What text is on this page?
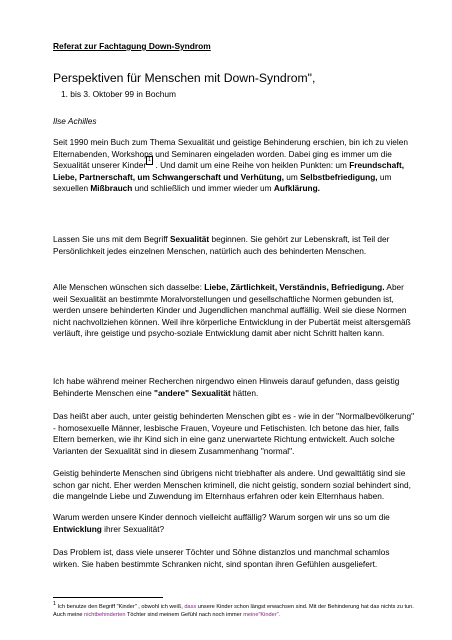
Referat zur Fachtagung Down-Syndrom

Perspektiven für Menschen mit Down-Syndrom",

1. bis 3. Oktober 99 in Bochum

Ilse Achilles

Seit 1990 mein Buch zum Thema Sexualität und geistige Behinderung erschien, bin ich zu vielen Elternabenden, Workshops und Seminaren eingeladen worden. Dabei ging es immer um die Sexualität unserer Kinder $^1$ . Und damit um eine Reihe von heiklen Punkten: um Freundschaft, Liebe, Partnerschaft, um Schwangerschaft und Verhütung, um Selbstbefriedigung, um sexuellen Mißbrauch und schließlich und immer wieder um Aufklärung.

Lassen Sie uns mit dem Begriff Sexualität beginnen. Sie gehört zur Lebenskraft, ist Teil der Persönlichkeit jedes einzelnen Menschen, natürlich auch des behinderten Menschen.

Alle Menschen wünschen sich dasselbe: Liebe, Zärtlichkeit, Verständnis, Befriedigung. Aber weil Sexualität an bestimmte Moralvorstellungen und gesellschaftliche Normen gebunden ist, werden unsere behinderten Kinder und Jugendlichen manchmal auffällig. Weil sie diese Normen nicht nachvollziehen können. Weil ihre körperliche Entwicklung in der Pubertät meist altersgemäß verläuft, ihre geistige und psycho-soziale Entwicklung damit aber nicht Schritt halten kann.

Ich habe während meiner Recherchen nirgendwo einen Hinweis darauf gefunden, dass geistig Behinderte Menschen eine "andere" Sexualität hätten.

Das heißt aber auch, unter geistig behinderten Menschen gibt es - wie in der "Normalbevölkerung" - homosexuelle Männer, lesbische Frauen, Voyeure und Fetischisten. Ich betone das hier, falls Eltern bemerken, wie ihr Kind sich in eine ganz unerwartete Richtung entwickelt. Auch solche Varianten der Sexualität sind in diesem Zusammenhang "normal".

Geistig behinderte Menschen sind übrigens nicht triebhafter als andere. Und gewalttätig sind sie schon gar nicht. Eher werden Menschen kriminell, die nicht geistig, sondern sozial behindert sind, die mangelnde Liebe und Zuwendung im Elternhaus erfahren oder kein Elternhaus haben.

Warum werden unsere Kinder dennoch vielleicht auffällig? Warum sorgen wir uns so um die Entwicklung ihrer Sexualität?

Das Problem ist, dass viele unserer Töchter und Söhne distanzlos und manchmal schamlos wirken. Sie haben bestimmte Schranken nicht, sind spontan ihren Gefühlen ausgeliefert.

$^1$ Ich benutze den Begriff "Kinder" , obwohl ich weiß, dass unsere Kinder schon längst erwachsen sind. Mit der Behinderung hat das nichts zu tun. Auch meine nichtbehinderten Töchter sind meinem Gefühl nach noch immer meine"Kinder".
